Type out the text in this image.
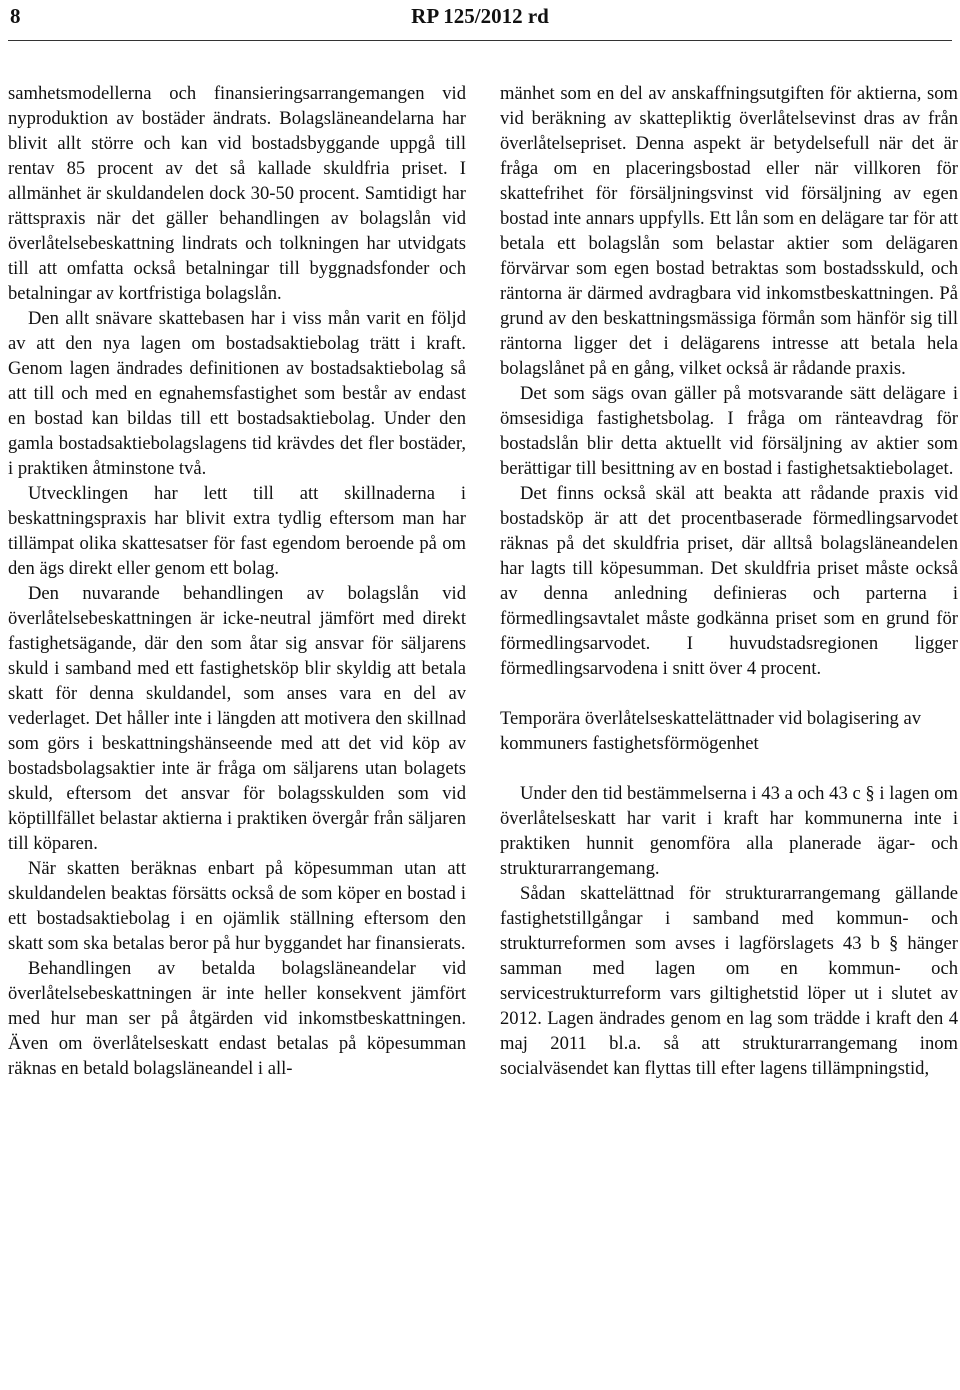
8	RP 125/2012 rd

samhetsmodellerna och finansieringsarrangemangen vid nyproduktion av bostäder ändrats. Bolagsläneandelarna har blivit allt större och kan vid bostadsbyggande uppgå till rentav 85 procent av det så kallade skuldfria priset. I allmänhet är skuldandelen dock 30-50 procent. Samtidigt har rättspraxis när det gäller behandlingen av bolagslån vid överlåtelsebeskattning lindrats och tolkningen har utvidgats till att omfatta också betalningar till byggnadsfonder och betalningar av kortfristiga bolagslån.

Den allt snävare skattebasen har i viss mån varit en följd av att den nya lagen om bostadsaktiebolag trätt i kraft. Genom lagen ändrades definitionen av bostadsaktiebolag så att till och med en egnahemsfastighet som består av endast en bostad kan bildas till ett bostadsaktiebolag. Under den gamla bostadsaktiebolagslagens tid krävdes det fler bostäder, i praktiken åtminstone två.

Utvecklingen har lett till att skillnaderna i beskattningspraxis har blivit extra tydlig eftersom man har tillämpat olika skattesatser för fast egendom beroende på om den ägs direkt eller genom ett bolag.

Den nuvarande behandlingen av bolagslån vid överlåtelsebeskattningen är icke-neutral jämfört med direkt fastighetsägande, där den som åtar sig ansvar för säljarens skuld i samband med ett fastighetsköp blir skyldig att betala skatt för denna skuldandel, som anses vara en del av vederlaget. Det håller inte i längden att motivera den skillnad som görs i beskattningshänseende med att det vid köp av bostadsbolagsaktier inte är fråga om säljarens utan bolagets skuld, eftersom det ansvar för bolagsskulden som vid köptillfället belastar aktierna i praktiken övergår från säljaren till köparen.

När skatten beräknas enbart på köpesumman utan att skuldandelen beaktas försätts också de som köper en bostad i ett bostadsaktiebolag i en ojämlik ställning eftersom den skatt som ska betalas beror på hur byggandet har finansierats.

Behandlingen av betalda bolagsläneandelar vid överlåtelsebeskattningen är inte heller konsekvent jämfört med hur man ser på åtgärden vid inkomstbeskattningen. Även om överlåtelseskatt endast betalas på köpesumman räknas en betald bolagsläneandel i all-

mänhet som en del av anskaffningsutgiften för aktierna, som vid beräkning av skattepliktig överlåtelsevinst dras av från överlåtelsepriset. Denna aspekt är betydelsefull när det är fråga om en placeringsbostad eller när villkoren för skattefrihet för försäljningsvinst vid försäljning av egen bostad inte annars uppfylls. Ett lån som en delägare tar för att betala ett bolagslån som belastar aktier som delägaren förvärvar som egen bostad betraktas som bostadsskuld, och räntorna är därmed avdragbara vid inkomstbeskattningen. På grund av den beskattningsmässiga förmån som hänför sig till räntorna ligger det i delägarens intresse att betala hela bolagslånet på en gång, vilket också är rådande praxis.

Det som sägs ovan gäller på motsvarande sätt delägare i ömsesidiga fastighetsbolag. I fråga om ränteavdrag för bostadslån blir detta aktuellt vid försäljning av aktier som berättigar till besittning av en bostad i fastighetsaktiebolaget.

Det finns också skäl att beakta att rådande praxis vid bostadsköp är att det procentbaserade förmedlingsarvodet räknas på det skuldfria priset, där alltså bolagsläneandelen har lagts till köpesumman. Det skuldfria priset måste också av denna anledning definieras och parterna i förmedlingsavtalet måste godkänna priset som en grund för förmedlingsarvodet. I huvudstadsregionen ligger förmedlingsarvodena i snitt över 4 procent.

Temporära överlåtelseskattelättnader vid bolagisering av kommuners fastighetsförmögenhet

Under den tid bestämmelserna i 43 a och 43 c § i lagen om överlåtelseskatt har varit i kraft har kommunerna inte i praktiken hunnit genomföra alla planerade ägar- och strukturarrangemang.

Sådan skattelättnad för strukturarrangemang gällande fastighetstillgångar i samband med kommun- och strukturreformen som avses i lagförslagets 43 b § hänger samman med lagen om en kommun- och servicestrukturreform vars giltighetstid löper ut i slutet av 2012. Lagen ändrades genom en lag som trädde i kraft den 4 maj 2011 bl.a. så att strukturarrangemang inom socialväsendet kan flyttas till efter lagens tillämpningstid,
